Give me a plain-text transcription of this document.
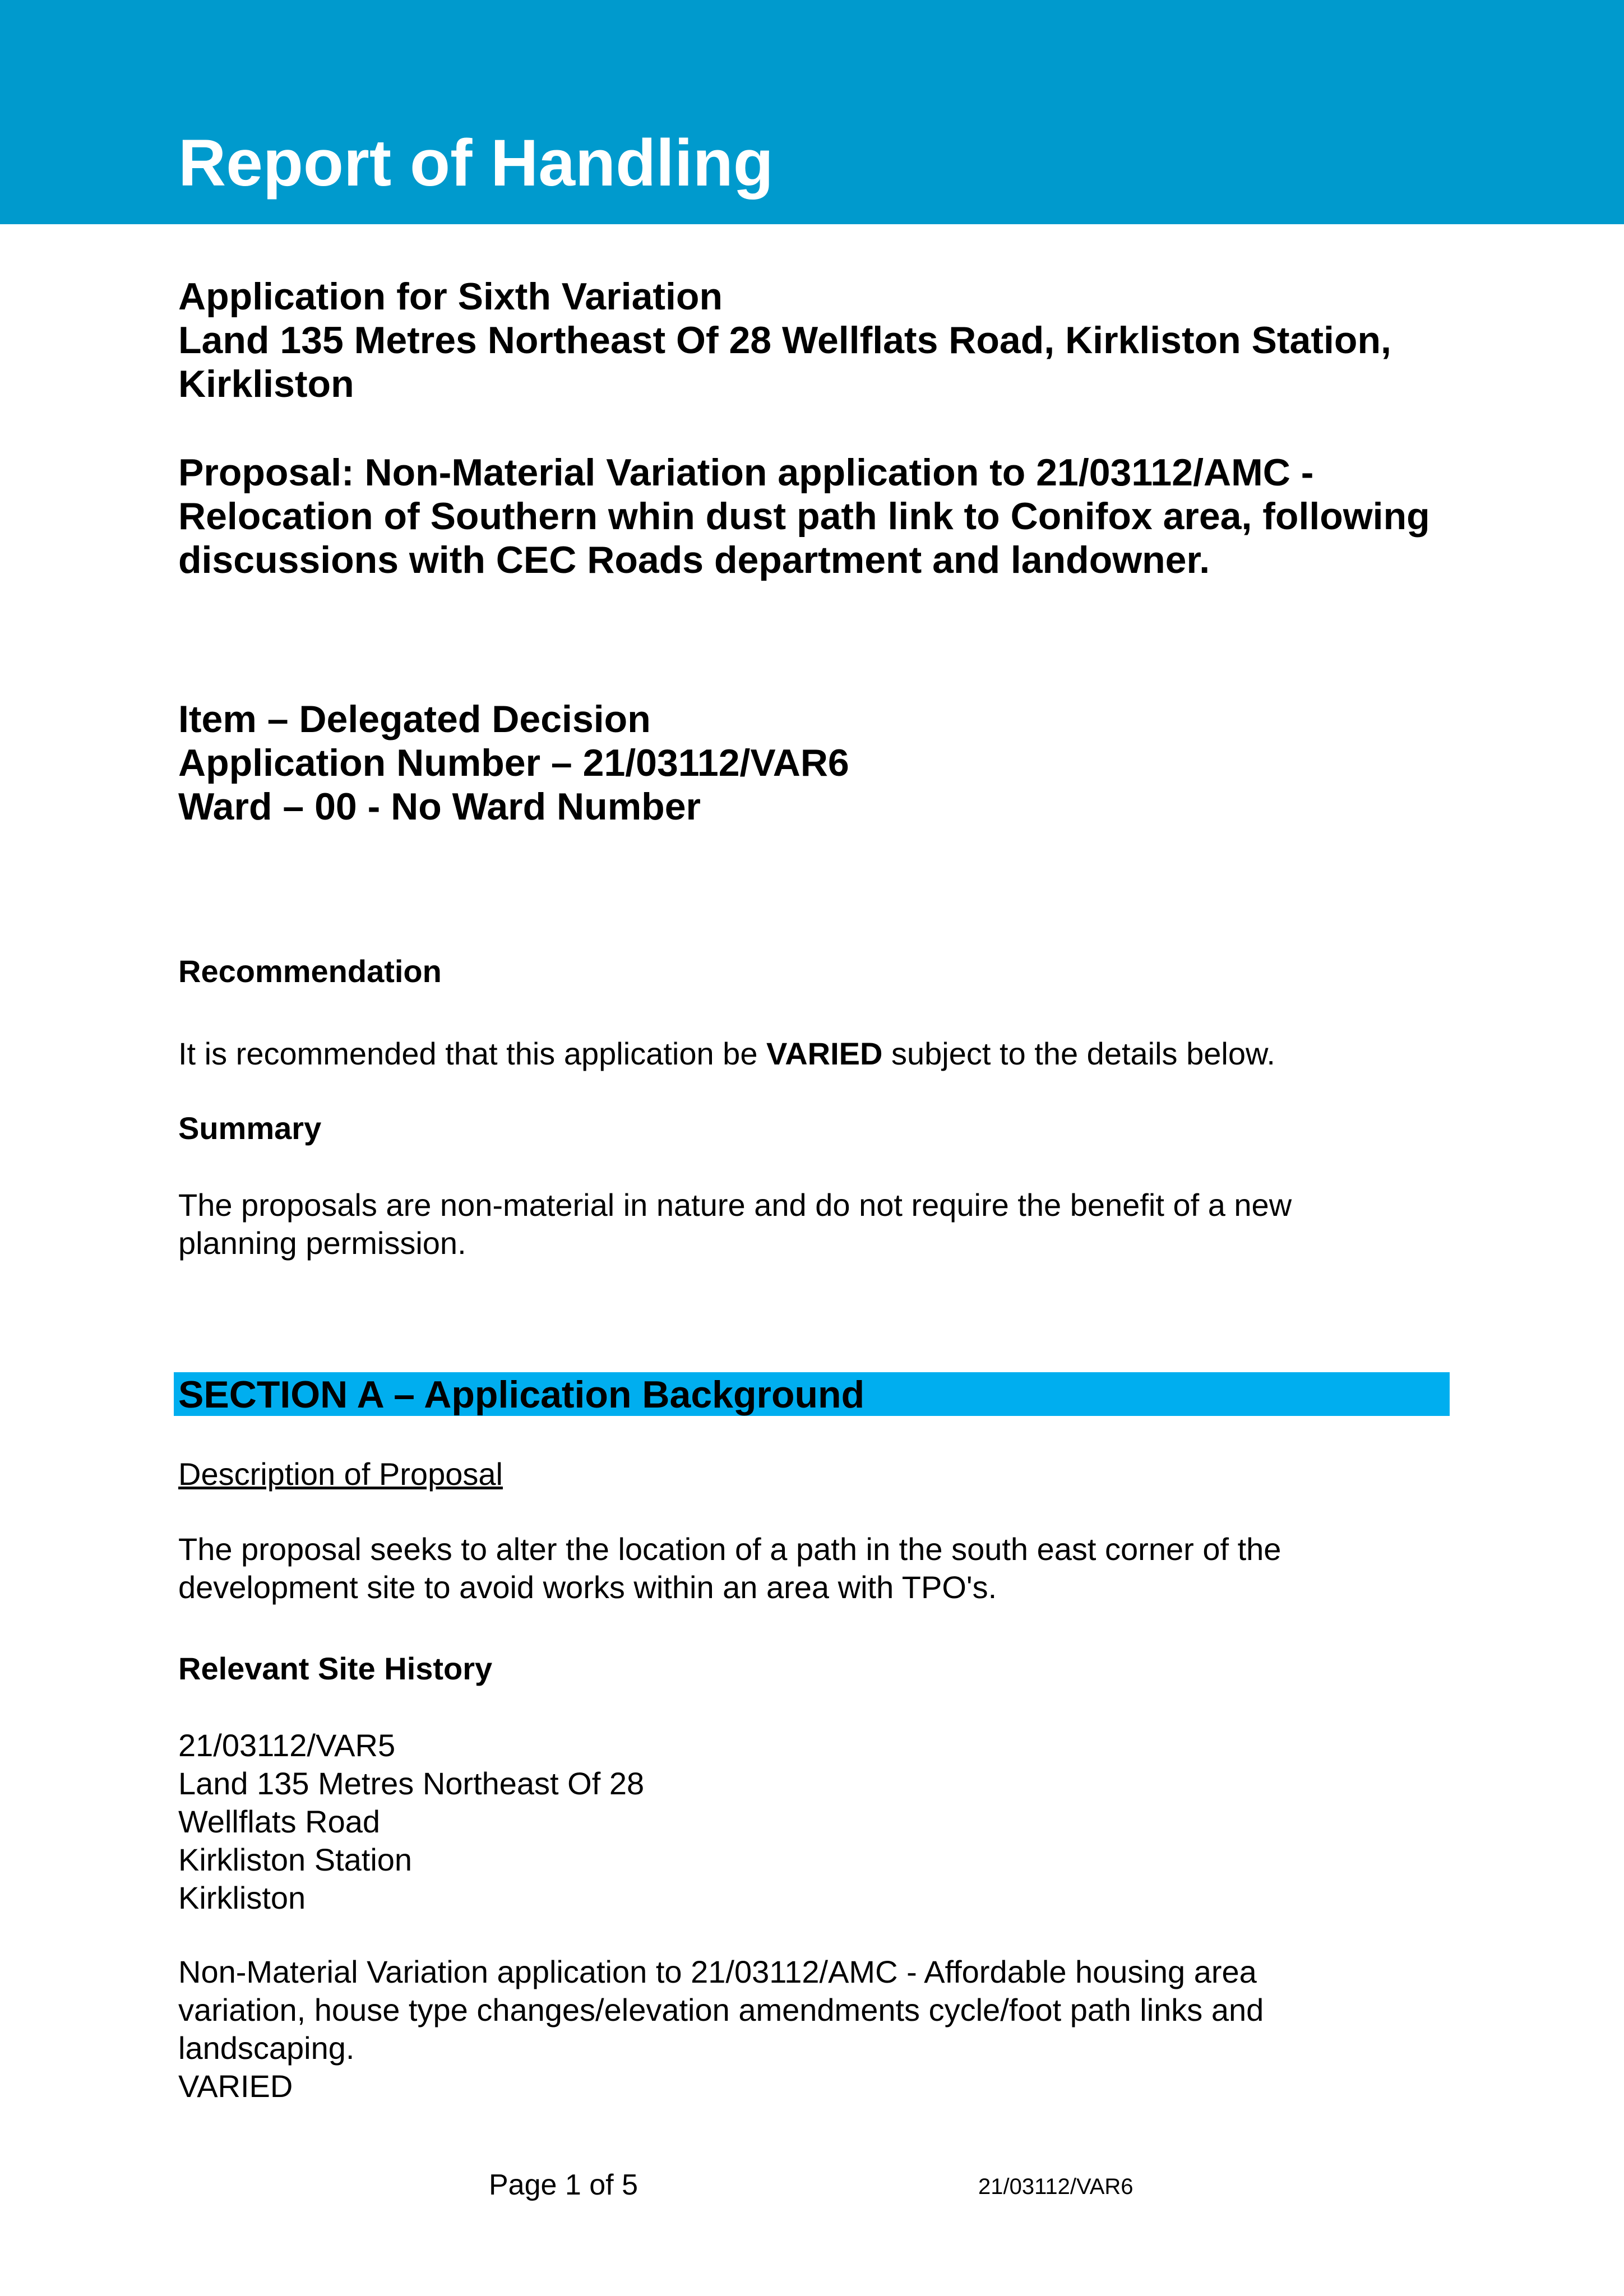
Report of Handling
Application for Sixth Variation
Land 135 Metres Northeast Of 28 Wellflats Road, Kirkliston Station,
Kirkliston
Proposal: Non-Material Variation application to 21/03112/AMC -
Relocation of Southern whin dust path link to Conifox area, following
discussions with CEC Roads department and landowner.
Item – Delegated Decision
Application Number – 21/03112/VAR6
Ward – 00 - No Ward Number
Recommendation
It is recommended that this application be VARIED subject to the details below.
Summary
The proposals are non-material in nature and do not require the benefit of a new
planning permission.
Description of Proposal
The proposal seeks to alter the location of a path in the south east corner of the
development site to avoid works within an area with TPO's.
Relevant Site History
21/03112/VAR5
Land 135 Metres Northeast Of 28
Wellflats Road
Kirkliston Station
Kirkliston
Non-Material Variation application to 21/03112/AMC - Affordable housing area
variation, house type changes/elevation amendments cycle/foot path links and
landscaping.
VARIED
SECTION A – Application Background
Page 1 of 5	21/03112/VAR6
